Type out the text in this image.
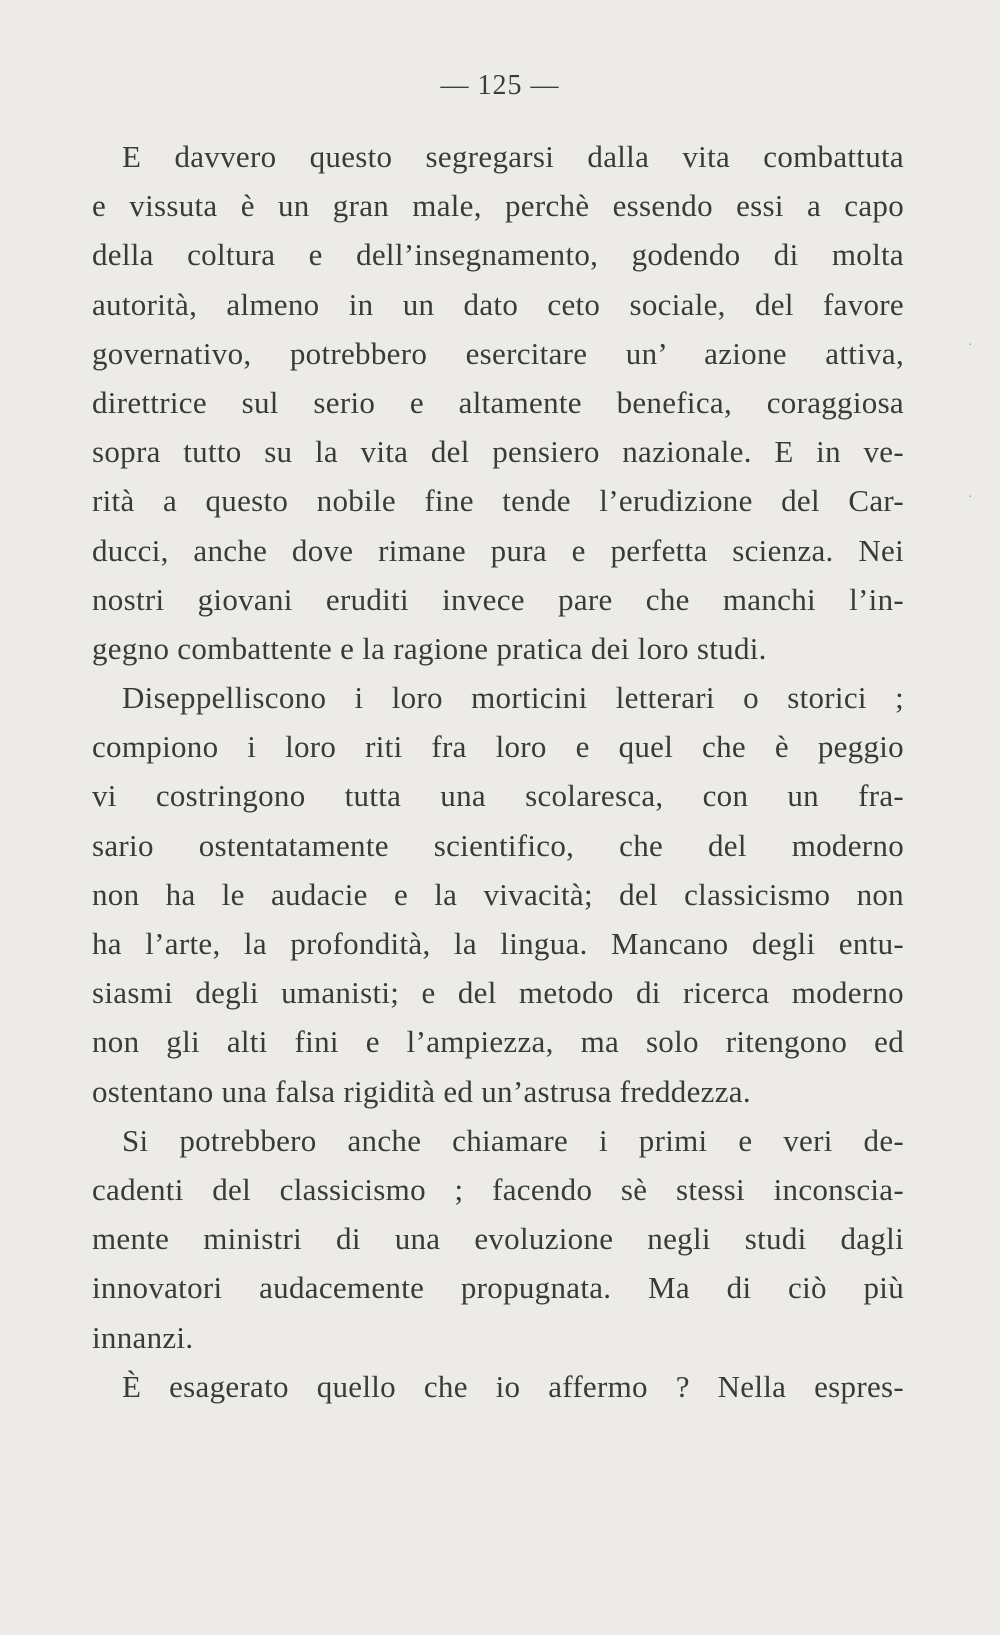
— 125 —
E davvero questo segregarsi dalla vita combattuta
e vissuta è un gran male, perchè essendo essi a capo
della coltura e dell’insegnamento, godendo di molta
autorità, almeno in un dato ceto sociale, del favore
governativo, potrebbero esercitare un’ azione attiva,
direttrice sul serio e altamente benefica, coraggiosa
sopra tutto su la vita del pensiero nazionale. E in ve-
rità a questo nobile fine tende l’erudizione del Car-
ducci, anche dove rimane pura e perfetta scienza. Nei
nostri giovani eruditi invece pare che manchi l’in-
gegno combattente e la ragione pratica dei loro studi.
Diseppelliscono i loro morticini letterari o storici ;
compiono i loro riti fra loro e quel che è peggio
vi costringono tutta una scolaresca, con un fra-
sario ostentatamente scientifico, che del moderno
non ha le audacie e la vivacità; del classicismo non
ha l’arte, la profondità, la lingua. Mancano degli entu-
siasmi degli umanisti; e del metodo di ricerca moderno
non gli alti fini e l’ampiezza, ma solo ritengono ed
ostentano una falsa rigidità ed un’astrusa freddezza.
Si potrebbero anche chiamare i primi e veri de-
cadenti del classicismo ; facendo sè stessi inconscia-
mente ministri di una evoluzione negli studi dagli
innovatori audacemente propugnata. Ma di ciò più
innanzi.
È esagerato quello che io affermo ? Nella espres-
·
·
